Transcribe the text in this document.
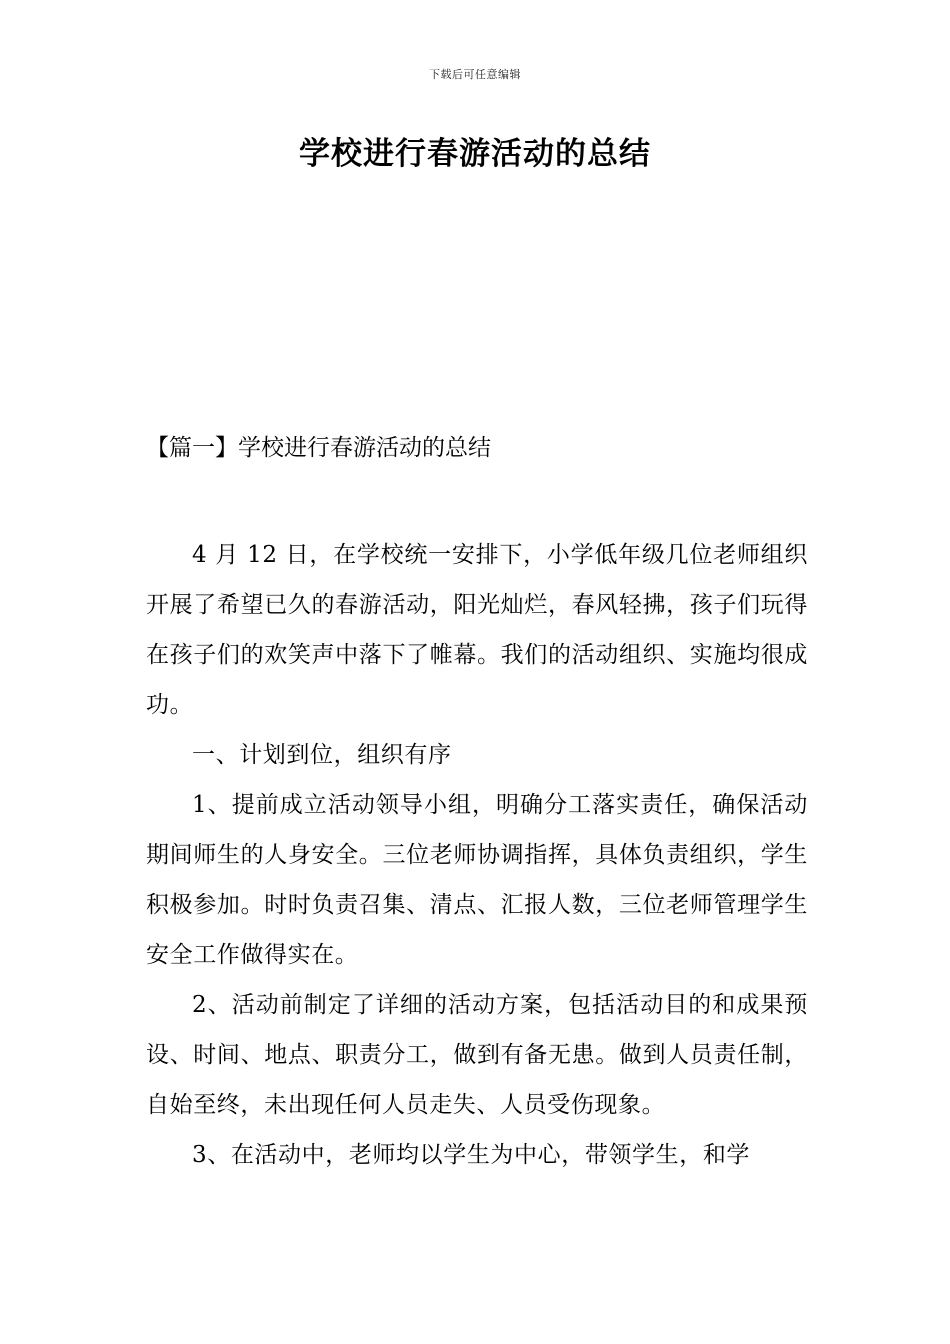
下载后可任意编辑
学校进行春游活动的总结
【篇一】学校进行春游活动的总结

4 月 12 日，在学校统一安排下，小学低年级几位老师组织开展了希望已久的春游活动，阳光灿烂，春风轻拂，孩子们玩得在孩子们的欢笑声中落下了帷幕。我们的活动组织、实施均很成功。

一、计划到位，组织有序

1、提前成立活动领导小组，明确分工落实责任，确保活动期间师生的人身安全。三位老师协调指挥，具体负责组织，学生积极参加。时时负责召集、清点、汇报人数，三位老师管理学生安全工作做得实在。

2、活动前制定了详细的活动方案，包括活动目的和成果预设、时间、地点、职责分工，做到有备无患。做到人员责任制，自始至终，未出现任何人员走失、人员受伤现象。

3、在活动中，老师均以学生为中心，带领学生，和学
